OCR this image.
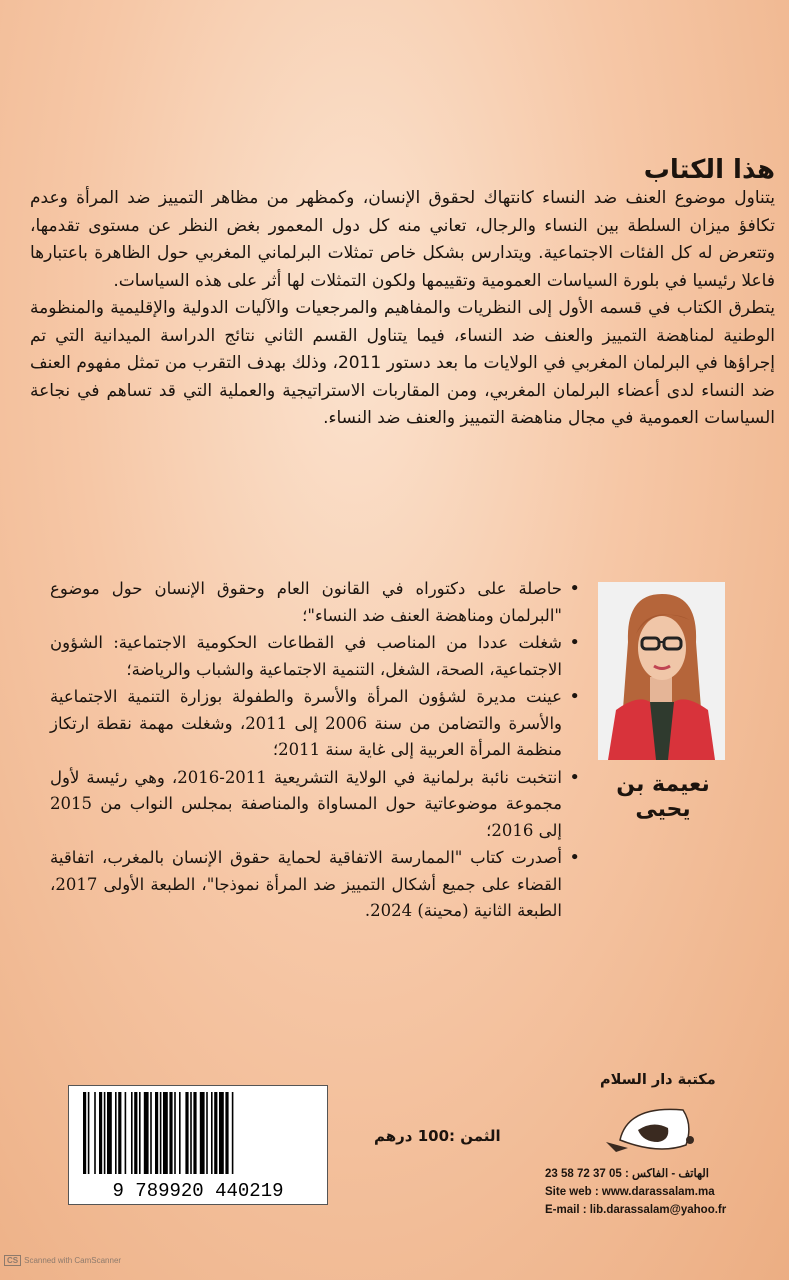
هذا الكتاب

يتناول موضوع العنف ضد النساء كانتهاك لحقوق الإنسان، وكمظهر من مظاهر التمييز ضد المرأة وعدم تكافؤ ميزان السلطة بين النساء والرجال، تعاني منه كل دول المعمور بغض النظر عن مستوى تقدمها، وتتعرض له كل الفئات الاجتماعية. ويتدارس بشكل خاص تمثلات البرلماني المغربي حول الظاهرة باعتبارها فاعلا رئيسيا في بلورة السياسات العمومية وتقييمها ولكون التمثلات لها أثر على هذه السياسات.

يتطرق الكتاب في قسمه الأول إلى النظريات والمفاهيم والمرجعيات والآليات الدولية والإقليمية والمنظومة الوطنية لمناهضة التمييز والعنف ضد النساء، فيما يتناول القسم الثاني نتائج الدراسة الميدانية التي تم إجراؤها في البرلمان المغربي في الولايات ما بعد دستور 2011، وذلك بهدف التقرب من تمثل مفهوم العنف ضد النساء لدى أعضاء البرلمان المغربي، ومن المقاربات الاستراتيجية والعملية التي قد تساهم في نجاعة السياسات العمومية في مجال مناهضة التمييز والعنف ضد النساء.

• حاصلة على دكتوراه في القانون العام وحقوق الإنسان حول موضوع "البرلمان ومناهضة العنف ضد النساء"؛
• شغلت عددا من المناصب في القطاعات الحكومية الاجتماعية: الشؤون الاجتماعية، الصحة، الشغل، التنمية الاجتماعية والشباب والرياضة؛
• عينت مديرة لشؤون المرأة والأسرة والطفولة بوزارة التنمية الاجتماعية والأسرة والتضامن من سنة 2006 إلى 2011، وشغلت مهمة نقطة ارتكاز منظمة المرأة العربية إلى غاية سنة 2011؛
• انتخبت نائبة برلمانية في الولاية التشريعية 2011-2016، وهي رئيسة لأول مجموعة موضوعاتية حول المساواة والمناصفة بمجلس النواب من 2015 إلى 2016؛
• أصدرت كتاب "الممارسة الاتفاقية لحماية حقوق الإنسان بالمغرب، اتفاقية القضاء على جميع أشكال التمييز ضد المرأة نموذجا"، الطبعة الأولى 2017، الطبعة الثانية (محينة) 2024.
نعيمة بن يحيى
9 789920 440219
الثمن :100 درهم
مكتبة دار السلام
الهاتف - الفاكس : 05 37 72 58 23
Site web : www.darassalam.ma
E-mail : lib.darassalam@yahoo.fr
CS Scanned with CamScanner
